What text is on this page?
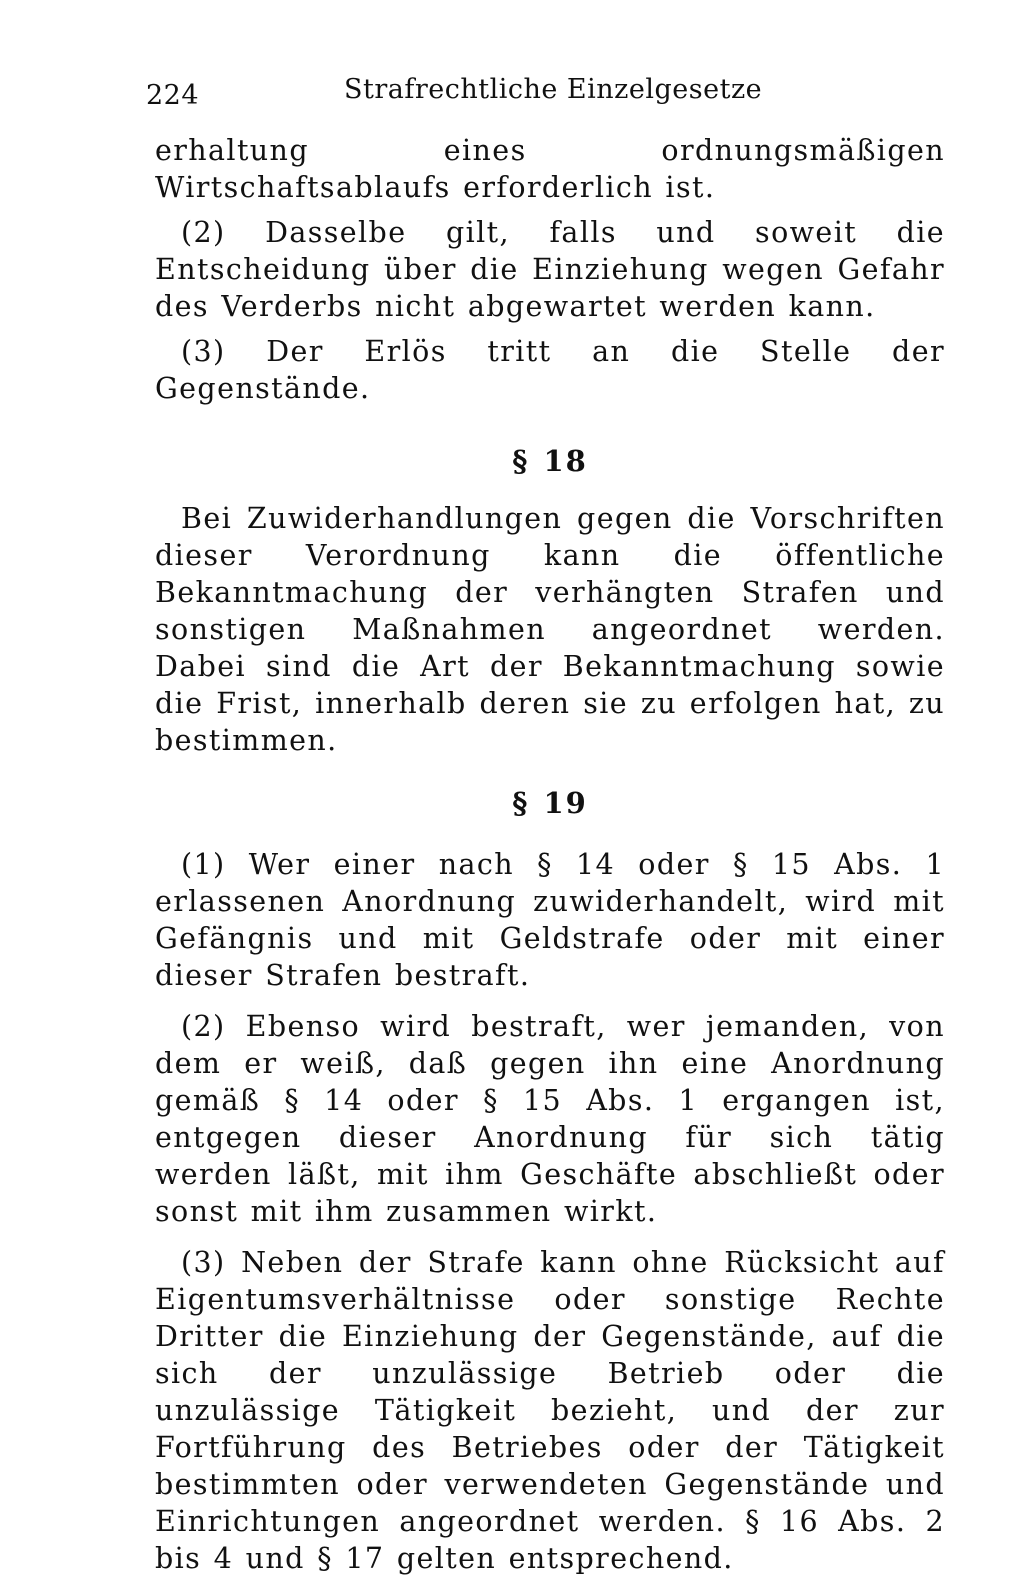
224	Strafrechtliche Einzelgesetze

erhaltung eines ordnungsmäßigen Wirtschaftsablaufs erforderlich ist.

(2) Dasselbe gilt, falls und soweit die Entscheidung über die Einziehung wegen Gefahr des Verderbs nicht abgewartet werden kann.

(3) Der Erlös tritt an die Stelle der Gegenstände.

§ 18

Bei Zuwiderhandlungen gegen die Vorschriften dieser Verordnung kann die öffentliche Bekanntmachung der verhängten Strafen und sonstigen Maßnahmen angeordnet werden. Dabei sind die Art der Bekanntmachung sowie die Frist, innerhalb deren sie zu erfolgen hat, zu bestimmen.

§ 19

(1) Wer einer nach § 14 oder § 15 Abs. 1 erlassenen Anordnung zuwiderhandelt, wird mit Gefängnis und mit Geldstrafe oder mit einer dieser Strafen bestraft.

(2) Ebenso wird bestraft, wer jemanden, von dem er weiß, daß gegen ihn eine Anordnung gemäß § 14 oder § 15 Abs. 1 ergangen ist, entgegen dieser Anordnung für sich tätig werden läßt, mit ihm Geschäfte abschließt oder sonst mit ihm zusammen wirkt.

(3) Neben der Strafe kann ohne Rücksicht auf Eigentumsverhältnisse oder sonstige Rechte Dritter die Einziehung der Gegenstände, auf die sich der unzulässige Betrieb oder die unzulässige Tätigkeit bezieht, und der zur Fortführung des Betriebes oder der Tätigkeit bestimmten oder verwendeten Gegenstände und Einrichtungen angeordnet werden. § 16 Abs. 2 bis 4 und § 17 gelten entsprechend.
